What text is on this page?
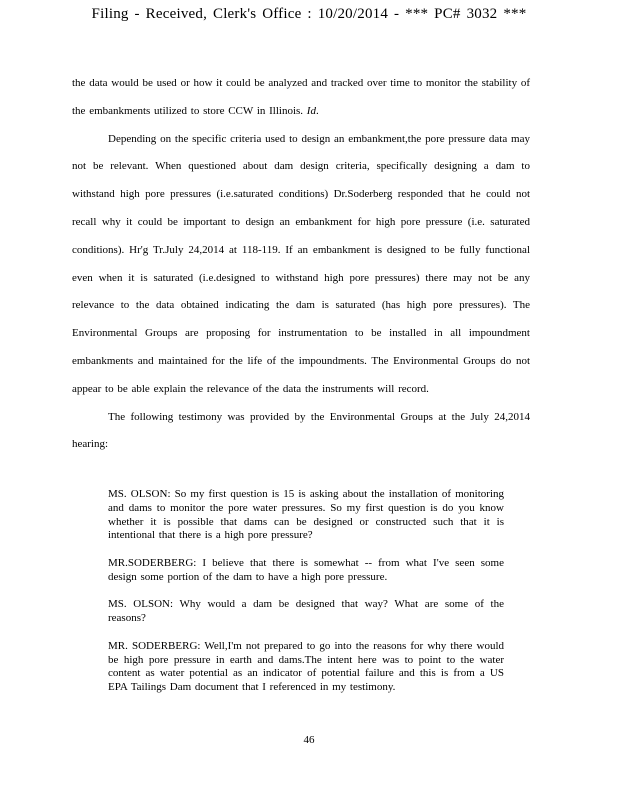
Filing - Received, Clerk's Office : 10/20/2014 - *** PC# 3032 ***

the data would be used or how it could be analyzed and tracked over time to monitor the stability of the embankments utilized to store CCW in Illinois. Id.

Depending on the specific criteria used to design an embankment,the pore pressure data may not be relevant. When questioned about dam design criteria, specifically designing a dam to withstand high pore pressures (i.e.saturated conditions) Dr.Soderberg responded that he could not recall why it could be important to design an embankment for high pore pressure (i.e. saturated conditions). Hr'g Tr.July 24,2014 at 118-119. If an embankment is designed to be fully functional even when it is saturated (i.e.designed to withstand high pore pressures) there may not be any relevance to the data obtained indicating the dam is saturated (has high pore pressures). The Environmental Groups are proposing for instrumentation to be installed in all impoundment embankments and maintained for the life of the impoundments. The Environmental Groups do not appear to be able explain the relevance of the data the instruments will record.

The following testimony was provided by the Environmental Groups at the July 24,2014 hearing:

MS. OLSON: So my first question is 15 is asking about the installation of monitoring and dams to monitor the pore water pressures. So my first question is do you know whether it is possible that dams can be designed or constructed such that it is intentional that there is a high pore pressure?

MR.SODERBERG: I believe that there is somewhat -- from what I've seen some design some portion of the dam to have a high pore pressure.

MS. OLSON: Why would a dam be designed that way? What are some of the reasons?

MR. SODERBERG: Well,I'm not prepared to go into the reasons for why there would be high pore pressure in earth and dams.The intent here was to point to the water content as water potential as an indicator of potential failure and this is from a US EPA Tailings Dam document that I referenced in my testimony.

46
